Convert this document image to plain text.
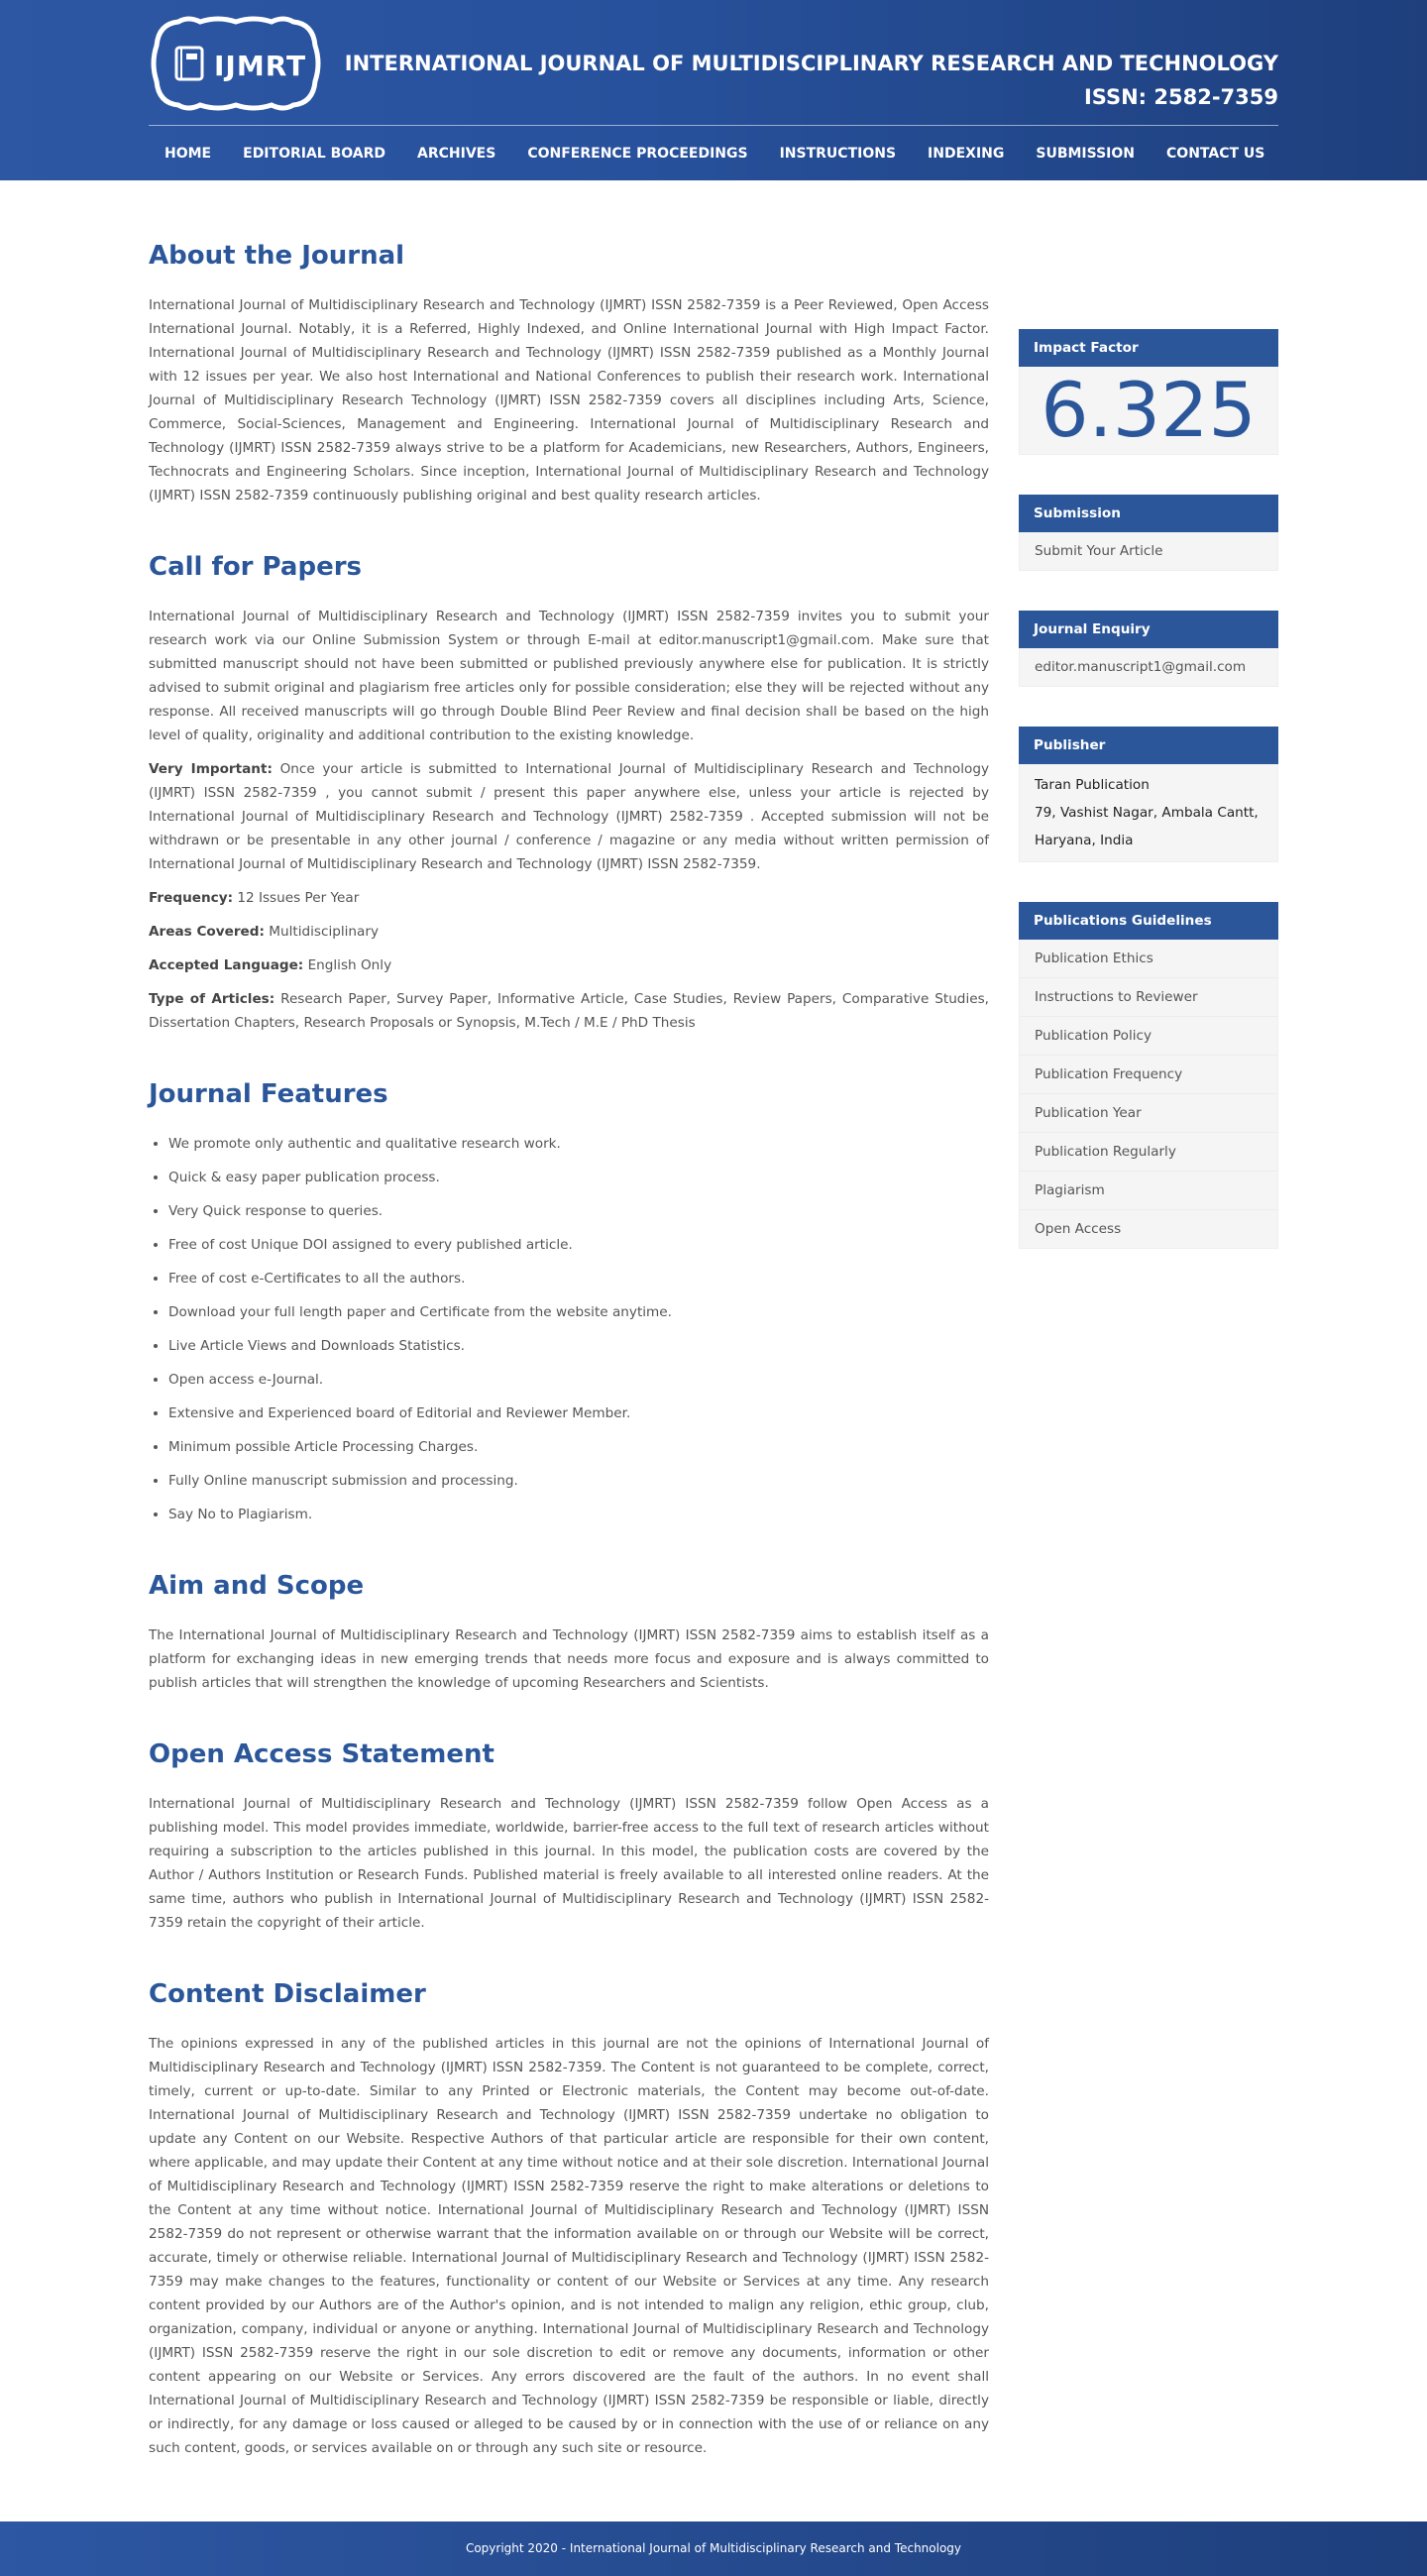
IJMRT INTERNATIONAL JOURNAL OF MULTIDISCIPLINARY RESEARCH AND TECHNOLOGY
ISSN: 2582-7359
HOME	EDITORIAL BOARD	ARCHIVES	CONFERENCE PROCEEDINGS	INSTRUCTIONS	INDEXING	SUBMISSION	CONTACT US
About the Journal

International Journal of Multidisciplinary Research and Technology (IJMRT) ISSN 2582-7359 is a Peer Reviewed, Open Access International Journal. Notably, it is a Referred, Highly Indexed, and Online International Journal with High Impact Factor. International Journal of Multidisciplinary Research and Technology (IJMRT) ISSN 2582-7359 published as a Monthly Journal with 12 issues per year. We also host International and National Conferences to publish their research work. International Journal of Multidisciplinary Research Technology (IJMRT) ISSN 2582-7359 covers all disciplines including Arts, Science, Commerce, Social-Sciences, Management and Engineering. International Journal of Multidisciplinary Research and Technology (IJMRT) ISSN 2582-7359 always strive to be a platform for Academicians, new Researchers, Authors, Engineers, Technocrats and Engineering Scholars. Since inception, International Journal of Multidisciplinary Research and Technology (IJMRT) ISSN 2582-7359 continuously publishing original and best quality research articles.

Call for Papers

International Journal of Multidisciplinary Research and Technology (IJMRT) ISSN 2582-7359 invites you to submit your research work via our Online Submission System or through E-mail at editor.manuscript1@gmail.com. Make sure that submitted manuscript should not have been submitted or published previously anywhere else for publication. It is strictly advised to submit original and plagiarism free articles only for possible consideration; else they will be rejected without any response. All received manuscripts will go through Double Blind Peer Review and final decision shall be based on the high level of quality, originality and additional contribution to the existing knowledge.

Very Important: Once your article is submitted to International Journal of Multidisciplinary Research and Technology (IJMRT) ISSN 2582-7359 , you cannot submit / present this paper anywhere else, unless your article is rejected by International Journal of Multidisciplinary Research and Technology (IJMRT) 2582-7359 . Accepted submission will not be withdrawn or be presentable in any other journal / conference / magazine or any media without written permission of International Journal of Multidisciplinary Research and Technology (IJMRT) ISSN 2582-7359.

Frequency: 12 Issues Per Year

Areas Covered: Multidisciplinary

Accepted Language: English Only

Type of Articles: Research Paper, Survey Paper, Informative Article, Case Studies, Review Papers, Comparative Studies, Dissertation Chapters, Research Proposals or Synopsis, M.Tech / M.E / PhD Thesis

Journal Features
• We promote only authentic and qualitative research work.
• Quick & easy paper publication process.
• Very Quick response to queries.
• Free of cost Unique DOI assigned to every published article.
• Free of cost e-Certificates to all the authors.
• Download your full length paper and Certificate from the website anytime.
• Live Article Views and Downloads Statistics.
• Open access e-Journal.
• Extensive and Experienced board of Editorial and Reviewer Member.
• Minimum possible Article Processing Charges.
• Fully Online manuscript submission and processing.
• Say No to Plagiarism.
Aim and Scope

The International Journal of Multidisciplinary Research and Technology (IJMRT) ISSN 2582-7359 aims to establish itself as a platform for exchanging ideas in new emerging trends that needs more focus and exposure and is always committed to publish articles that will strengthen the knowledge of upcoming Researchers and Scientists.

Open Access Statement

International Journal of Multidisciplinary Research and Technology (IJMRT) ISSN 2582-7359 follow Open Access as a publishing model. This model provides immediate, worldwide, barrier-free access to the full text of research articles without requiring a subscription to the articles published in this journal. In this model, the publication costs are covered by the Author / Authors Institution or Research Funds. Published material is freely available to all interested online readers. At the same time, authors who publish in International Journal of Multidisciplinary Research and Technology (IJMRT) ISSN 2582-7359 retain the copyright of their article.

Content Disclaimer

The opinions expressed in any of the published articles in this journal are not the opinions of International Journal of Multidisciplinary Research and Technology (IJMRT) ISSN 2582-7359. The Content is not guaranteed to be complete, correct, timely, current or up-to-date. Similar to any Printed or Electronic materials, the Content may become out-of-date. International Journal of Multidisciplinary Research and Technology (IJMRT) ISSN 2582-7359 undertake no obligation to update any Content on our Website. Respective Authors of that particular article are responsible for their own content, where applicable, and may update their Content at any time without notice and at their sole discretion. International Journal of Multidisciplinary Research and Technology (IJMRT) ISSN 2582-7359 reserve the right to make alterations or deletions to the Content at any time without notice. International Journal of Multidisciplinary Research and Technology (IJMRT) ISSN 2582-7359 do not represent or otherwise warrant that the information available on or through our Website will be correct, accurate, timely or otherwise reliable. International Journal of Multidisciplinary Research and Technology (IJMRT) ISSN 2582-7359 may make changes to the features, functionality or content of our Website or Services at any time. Any research content provided by our Authors are of the Author's opinion, and is not intended to malign any religion, ethic group, club, organization, company, individual or anyone or anything. International Journal of Multidisciplinary Research and Technology (IJMRT) ISSN 2582-7359 reserve the right in our sole discretion to edit or remove any documents, information or other content appearing on our Website or Services. Any errors discovered are the fault of the authors. In no event shall International Journal of Multidisciplinary Research and Technology (IJMRT) ISSN 2582-7359 be responsible or liable, directly or indirectly, for any damage or loss caused or alleged to be caused by or in connection with the use of or reliance on any such content, goods, or services available on or through any such site or resource.

Impact Factor
6.325
Submission
Submit Your Article
Journal Enquiry
editor.manuscript1@gmail.com
Publisher
Taran Publication
79, Vashist Nagar, Ambala Cantt,
Haryana, India
Publications Guidelines
Publication Ethics
Instructions to Reviewer
Publication Policy
Publication Frequency
Publication Year
Publication Regularly
Plagiarism
Open Access
Copyright 2020 - International Journal of Multidisciplinary Research and Technology
